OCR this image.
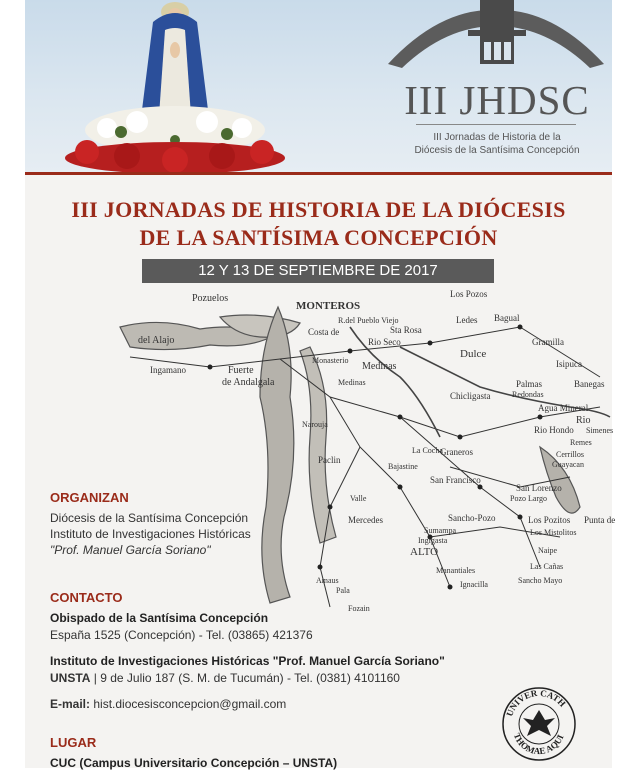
III JHDSC
III Jornadas de Historia de la
Diócesis de la Santísima Concepción
III JORNADAS DE HISTORIA DE LA DIÓCESIS
DE LA SANTÍSIMA CONCEPCIÓN
12 Y 13 DE SEPTIEMBRE DE 2017
Pozuelos
MONTEROS
Los Pozos
del Alajo
Ingamano	Fuerte
de Andalgala
Costa de
R.del Pueblo Viejo
Sta Rosa
Rio Seco
Ledes Bagual
Gramilla
Isipuca
Dulce
Medinas
Medinas
Monasterio
Chicligasta
Palmas
Redondas
Banegas
Agua Mineral
Rio
Simenes
Rio Hondo
Remes
Cerrillos
Guayacan
Narouja
Graneros
La Cocha
Bajastine
San Francisco
Paclin
San Lorenzo
Pozo Largo
Los Pozitos Punta de
Los Mistolitos
Sancho-Pozo
Sumampa
Ingigasta
ALTO	Naipe
Mercedes
Las Cañas
Sancho Mayo
Manantiales
Ignacilla
Amaus
Pala
Fozain
Valle
ORGANIZAN
Diócesis de la Santísima Concepción
Instituto de Investigaciones Históricas
"Prof. Manuel García Soriano"
CONTACTO
Obispado de la Santísima Concepción
España 1525 (Concepción) - Tel. (03865) 421376
Instituto de Investigaciones Históricas "Prof. Manuel García Soriano"
UNSTA | 9 de Julio 187 (S. M. de Tucumán) - Tel. (0381) 4101160
E-mail: hist.diocesisconcepcion@gmail.com
LUGAR
CUC (Campus Universitario Concepción – UNSTA)
UNIVER CATH
THOMAE AQUI
